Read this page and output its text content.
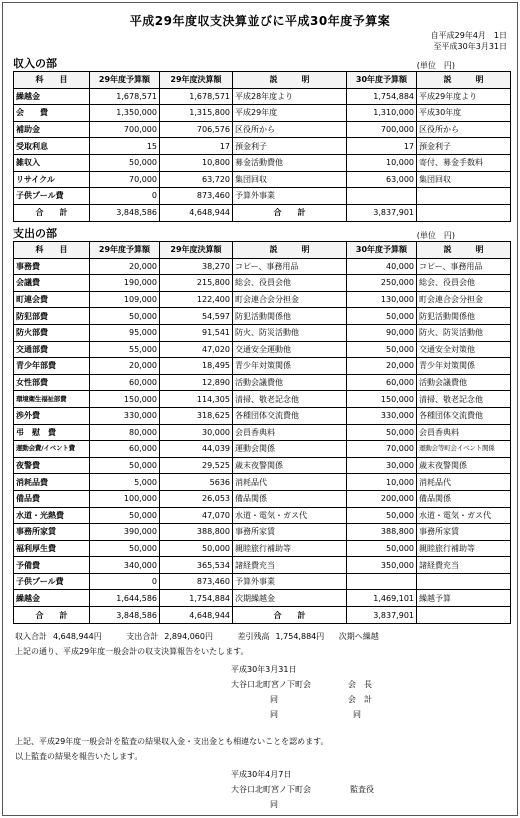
平成29年度収支決算並びに平成30年度予算案
自平成29年4月　1日
至平成30年3月31日
収入の部	(単位　円)
科　　目	29年度予算額	29年度決算額	説　　　明	30年度予算額	説　　　明
繰越金	1,678,571	1,678,571	平成28年度より	1,754,884	平成29年度より
会　　費	1,350,000	1,315,800	平成29年度	1,310,000	平成30年度
補助金	700,000	706,576	区役所から	700,000	区役所から
受取利息	15	17	預金利子	17	預金利子
雑収入	50,000	10,800	募金活動費他	10,000	寄付、募金手数料
リサイクル	70,000	63,720	集団回収	63,000	集団回収
子供プール費	0	873,460	予算外事業		
合　　計	3,848,586	4,648,944	合　　計	3,837,901	
支出の部	(単位　円)
科　　目	29年度予算額	29年度決算額	説　　　明	30年度予算額	説　　　明
事務費	20,000	38,270	コピー、事務用品	40,000	コピー、事務用品
会議費	190,000	215,800	総会、役員会他	250,000	総会、役員会他
町連会費	109,000	122,400	町会連合会分担金	130,000	町会連合会分担金
防犯部費	50,000	54,597	防犯活動関係他	50,000	防犯活動関係他
防火部費	95,000	91,541	防火、防災活動他	90,000	防火、防災活動他
交通部費	55,000	47,020	交通安全運動他	50,000	交通安全対策他
青少年部費	20,000	18,495	青少年対策関係	20,000	青少年対策関係
女性部費	60,000	12,890	活動会議費他	60,000	活動会議費他
環境衛生福祉部費	150,000	114,305	清掃、敬老記念他	150,000	清掃、敬老記念他
渉外費	330,000	318,625	各種団体交流費他	330,000	各種団体交流費他
弔　慰　費	80,000	30,000	会員香典料	50,000	会員香典料
運動会費/イベント費	60,000	44,039	運動会関係	70,000	運動会等町会イベント関係
夜警費	50,000	29,525	歳末夜警関係	30,000	歳末夜警関係
消耗品費	5,000	5636	消耗品代	10,000	消耗品代
備品費	100,000	26,053	備品関係	200,000	備品関係
水道・光熱費	50,000	47,070	水道・電気・ガス代	50,000	水道・電気・ガス代
事務所家賃	390,000	388,800	事務所家賃	388,800	事務所家賃
福利厚生費	50,000	50,000	親睦旅行補助等	50,000	親睦旅行補助等
予備費	340,000	365,534	諸経費充当	350,000	諸経費充当
子供プール費	0	873,460	予算外事業		
繰越金	1,644,586	1,754,884	次期繰越金	1,469,101	繰越予算
合　　計	3,848,586	4,648,944	合　　計	3,837,901	
収入合計 4,648,944円	支出合計 2,894,060円	差引残高 1,754,884円 次期へ繰越
上記の通り、平成29年度一般会計の収支決算報告をいたします。
平成30年3月31日
大谷口北町宮ノ下町会	会　長
同	会　計
同	同
上記、平成29年度一般会計を監査の結果収入金・支出金とも相違ないことを認めます。
以上監査の結果を報告いたします。
平成30年4月7日
大谷口北町宮ノ下町会	監査役
同
